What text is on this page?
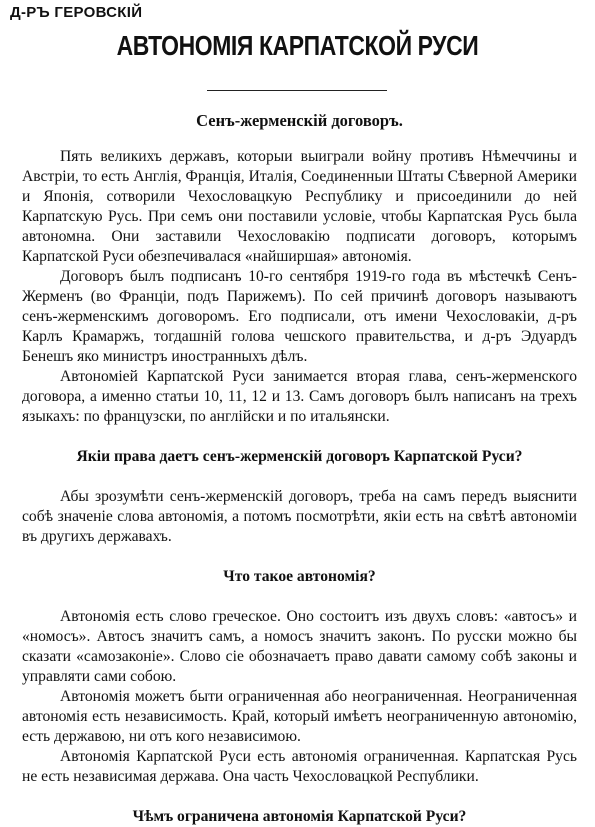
Д-РЪ ГЕРОВСКІЙ
АВТОНОМІЯ КАРПАТСКОЙ РУСИ
Сенъ-жерменскій договоръ.

Пять великихъ державъ, которыи выиграли войну противъ Нѣмеччины и Австріи, то есть Англія, Франція, Италія, Соединенныи Штаты Сѣверной Америки и Японія, сотворили Чехословацкую Республику и присоединили до ней Карпатскую Русь. При семъ они поставили условіе, чтобы Карпатская Русь была автономна. Они заставили Чехословакію подписати договоръ, которымъ Карпатской Руси обезпечивалася «найширшая» автономія.

Договоръ былъ подписанъ 10-го сентября 1919-го года въ мѣстечкѣ Сенъ-Жерменъ (во Франціи, подъ Парижемъ). По сей причинѣ договоръ называютъ сенъ-жерменскимъ договоромъ. Его подписали, отъ имени Чехословакіи, д-ръ Карлъ Крамаржъ, тогдашній голова чешского правительства, и д-ръ Эдуардъ Бенешъ яко министръ иностранныхъ дѣлъ.

Автономіей Карпатской Руси занимается вторая глава, сенъ-жерменского договора, а именно статьи 10, 11, 12 и 13. Самъ договоръ былъ написанъ на трехъ языкахъ: по французски, по англійски и по итальянски.

Якіи права даетъ сенъ-жерменскій договоръ Карпатской Руси?

Абы зрозумѣти сенъ-жерменскій договоръ, треба на самъ передъ выяснити собѣ значеніе слова автономія, а потомъ посмотрѣти, якіи есть на свѣтѣ автономіи въ другихъ державахъ.

Что такое автономія?

Автономія есть слово греческое. Оно состоитъ изъ двухъ словъ: «автосъ» и «номосъ». Автосъ значитъ самъ, а номосъ значитъ законъ. По русски можно бы сказати «самозаконіе». Слово сіе обозначаетъ право давати самому собѣ законы и управляти сами собою.

Автономія можетъ быти ограниченная або неограниченная. Неограниченная автономія есть независимость. Край, который имѣетъ неограниченную автономію, есть державою, ни отъ кого независимою.

Автономія Карпатской Руси есть автономія ограниченная. Карпатская Русь не есть независимая держава. Она часть Чехословацкой Республики.

Чѣмъ ограничена автономія Карпатской Руси?
